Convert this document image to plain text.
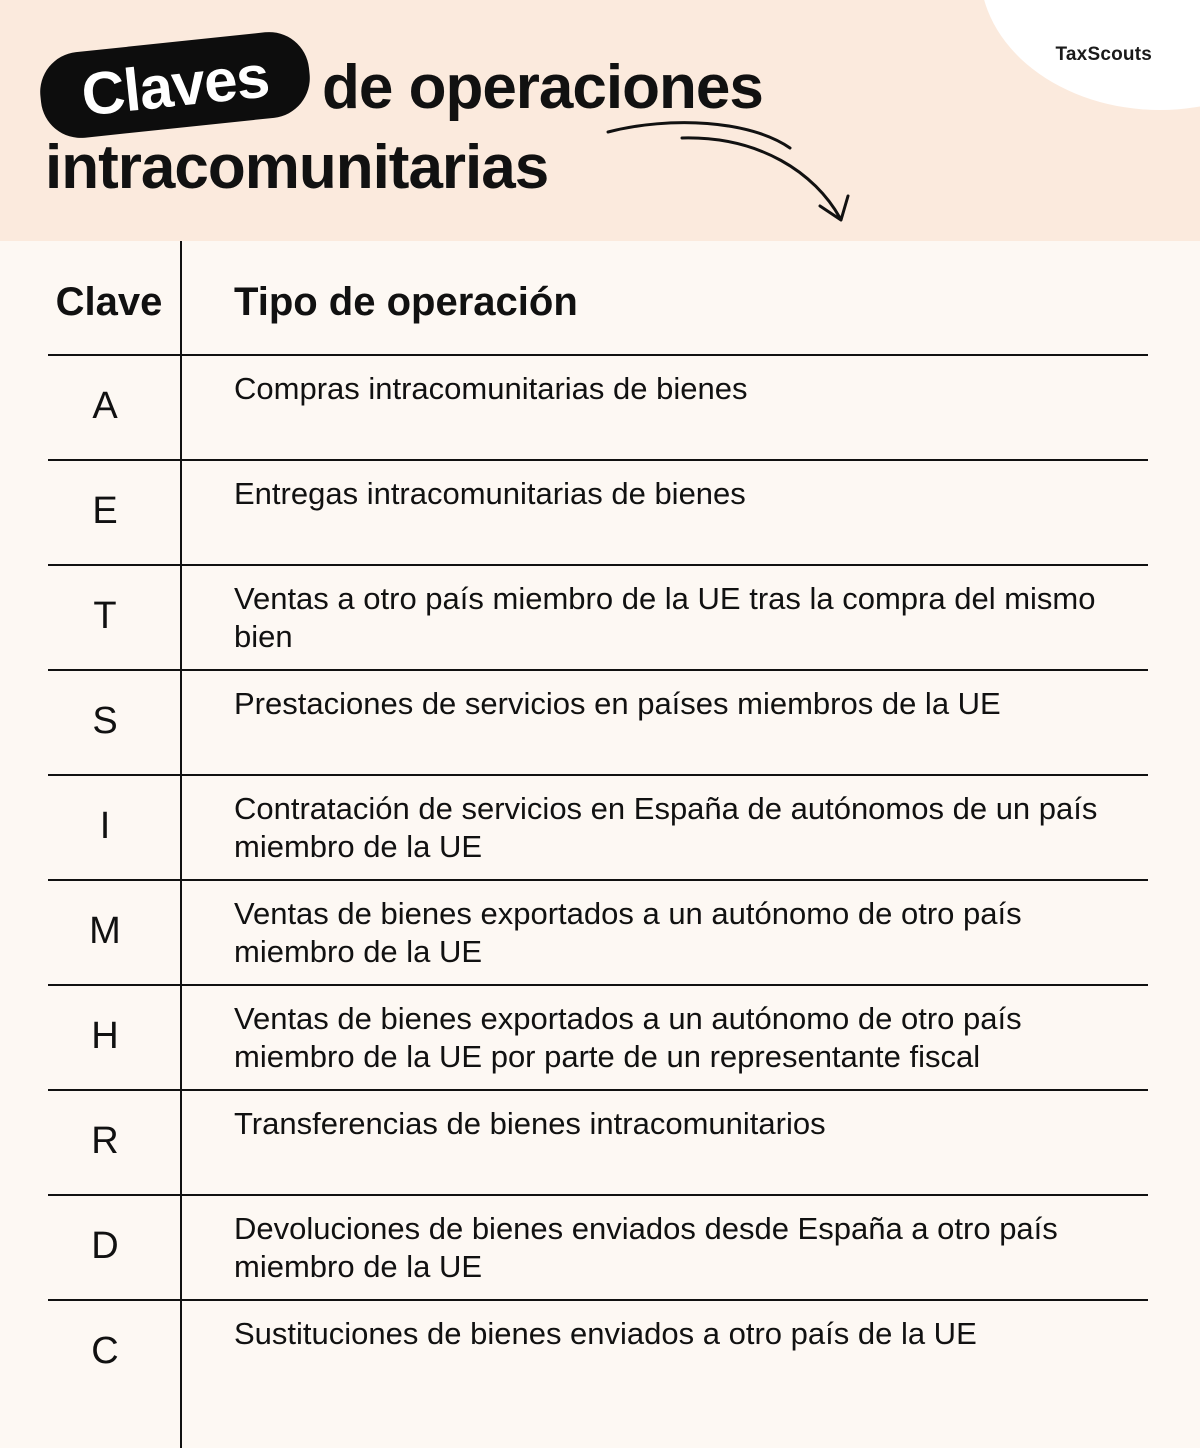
TaxScouts
Claves de operaciones
intracomunitarias
Clave Tipo de operación
A	Compras intracomunitarias de bienes
E	Entregas intracomunitarias de bienes
T	Ventas a otro país miembro de la UE tras la compra del mismo bien
S	Prestaciones de servicios en países miembros de la UE
I	Contratación de servicios en España de autónomos de un país miembro de la UE
M	Ventas de bienes exportados a un autónomo de otro país miembro de la UE
H	Ventas de bienes exportados a un autónomo de otro país miembro de la UE por parte de un representante fiscal
R	Transferencias de bienes intracomunitarios
D	Devoluciones de bienes enviados desde España a otro país miembro de la UE
C	Sustituciones de bienes enviados a otro país de la UE
